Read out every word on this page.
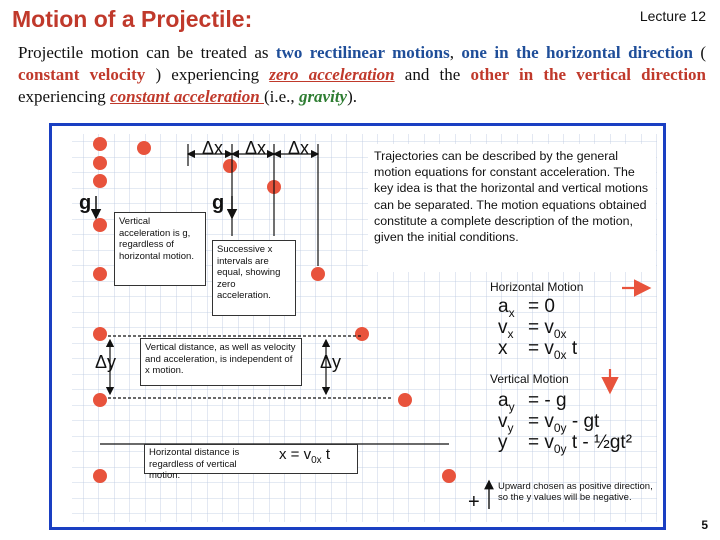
Motion of a Projectile:	Lecture 12
Projectile motion can be treated as two rectilinear motions, one in the horizontal direction ( constant velocity ) experiencing zero acceleration and the other in the vertical direction experiencing constant acceleration (i.e., gravity).
Δx Δx Δx
g	g
Δy	Δy
Vertical acceleration is g, regardless of horizontal motion.
Successive x intervals are equal, showing zero acceleration.
Vertical distance, as well as velocity and acceleration, is independent of x motion.
Horizontal distance is regardless of vertical motion.
$x = v_{0x}$ t
Trajectories can be described by the general motion equations for constant acceleration. The key idea is that the horizontal and vertical motions can be separated. The motion equations obtained constitute a complete description of the motion, given the initial conditions.
Horizontal Motion
$a_x = 0$
$v_x = v_{0x}$
$x = v_{0x}$ t
Vertical Motion
$a_y$ = - g
$v_y = v_{0y}$ - gt
$y = v_{0y}$ t - ½gt²
Upward chosen as positive direction, so the y values will be negative.
+
5
